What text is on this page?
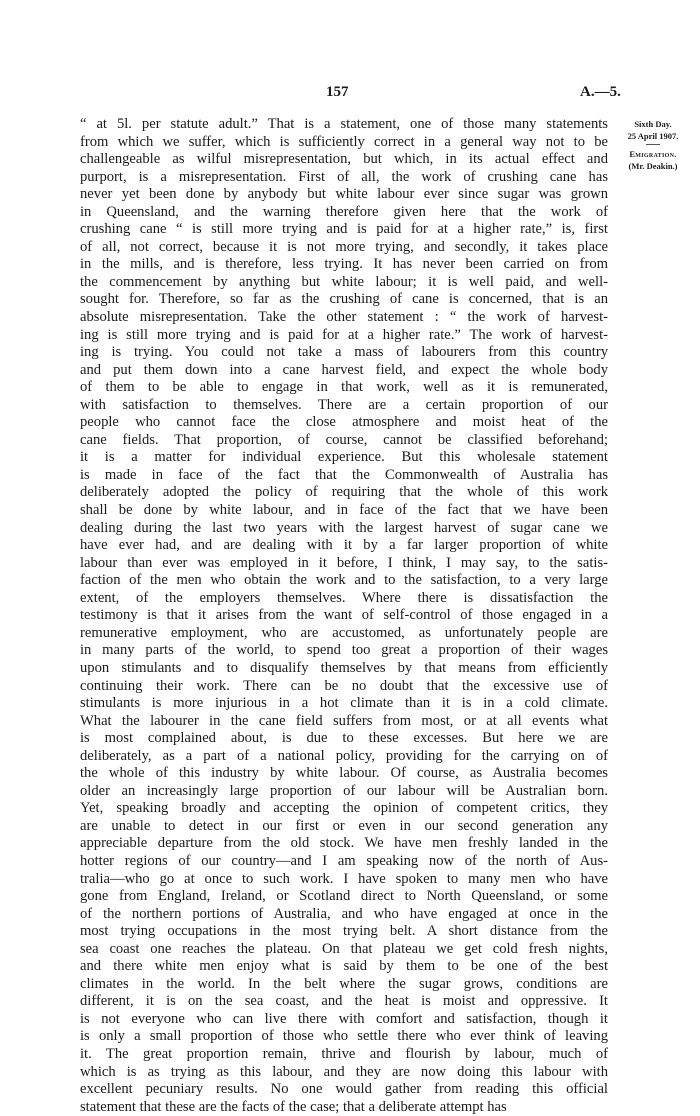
157	A.—5.
Sixth Day.
25 April 1907.
Emigration.
(Mr. Deakin.)
“ at 5l. per statute adult.” That is a statement, one of those many statements
from which we suffer, which is sufficiently correct in a general way not to be
challengeable as wilful misrepresentation, but which, in its actual effect and
purport, is a misrepresentation. First of all, the work of crushing cane has
never yet been done by anybody but white labour ever since sugar was grown
in Queensland, and the warning therefore given here that the work of
crushing cane “ is still more trying and is paid for at a higher rate,” is, first
of all, not correct, because it is not more trying, and secondly, it takes place
in the mills, and is therefore, less trying. It has never been carried on from
the commencement by anything but white labour; it is well paid, and well-
sought for. Therefore, so far as the crushing of cane is concerned, that is an
absolute misrepresentation. Take the other statement : “ the work of harvest-
ing is still more trying and is paid for at a higher rate.” The work of harvest-
ing is trying. You could not take a mass of labourers from this country
and put them down into a cane harvest field, and expect the whole body
of them to be able to engage in that work, well as it is remunerated,
with satisfaction to themselves. There are a certain proportion of our
people who cannot face the close atmosphere and moist heat of the
cane fields. That proportion, of course, cannot be classified beforehand;
it is a matter for individual experience. But this wholesale statement
is made in face of the fact that the Commonwealth of Australia has
deliberately adopted the policy of requiring that the whole of this work
shall be done by white labour, and in face of the fact that we have been
dealing during the last two years with the largest harvest of sugar cane we
have ever had, and are dealing with it by a far larger proportion of white
labour than ever was employed in it before, I think, I may say, to the satis-
faction of the men who obtain the work and to the satisfaction, to a very large
extent, of the employers themselves. Where there is dissatisfaction the
testimony is that it arises from the want of self-control of those engaged in a
remunerative employment, who are accustomed, as unfortunately people are
in many parts of the world, to spend too great a proportion of their wages
upon stimulants and to disqualify themselves by that means from efficiently
continuing their work. There can be no doubt that the excessive use of
stimulants is more injurious in a hot climate than it is in a cold climate.
What the labourer in the cane field suffers from most, or at all events what
is most complained about, is due to these excesses. But here we are
deliberately, as a part of a national policy, providing for the carrying on of
the whole of this industry by white labour. Of course, as Australia becomes
older an increasingly large proportion of our labour will be Australian born.
Yet, speaking broadly and accepting the opinion of competent critics, they
are unable to detect in our first or even in our second generation any
appreciable departure from the old stock. We have men freshly landed in the
hotter regions of our country—and I am speaking now of the north of Aus-
tralia—who go at once to such work. I have spoken to many men who have
gone from England, Ireland, or Scotland direct to North Queensland, or some
of the northern portions of Australia, and who have engaged at once in the
most trying occupations in the most trying belt. A short distance from the
sea coast one reaches the plateau. On that plateau we get cold fresh nights,
and there white men enjoy what is said by them to be one of the best
climates in the world. In the belt where the sugar grows, conditions are
different, it is on the sea coast, and the heat is moist and oppressive. It
is not everyone who can live there with comfort and satisfaction, though it
is only a small proportion of those who settle there who ever think of leaving
it. The great proportion remain, thrive and flourish by labour, much of
which is as trying as this labour, and they are now doing this labour with
excellent pecuniary results. No one would gather from reading this official
statement that these are the facts of the case; that a deliberate attempt has
